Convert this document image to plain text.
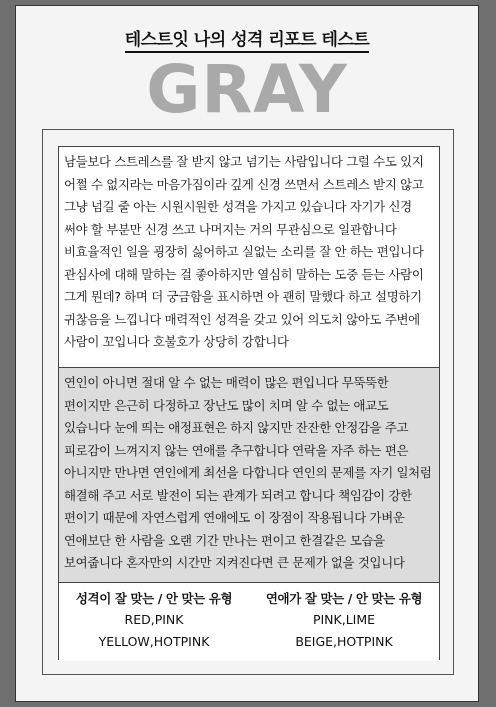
테스트잇 나의 성격 리포트 테스트
GRAY
남들보다 스트레스를 잘 받지 않고 넘기는 사람입니다 그럴 수도 있지 어쩔 수 없지라는 마음가짐이라 깊게 신경 쓰면서 스트레스 받지 않고 그냥 넘길 줄 아는 시원시원한 성격을 가지고 있습니다 자기가 신경 써야 할 부분만 신경 쓰고 나머지는 거의 무관심으로 일관합니다 비효율적인 일을 굉장히 싫어하고 실없는 소리를 잘 안 하는 편입니다 관심사에 대해 말하는 걸 좋아하지만 열심히 말하는 도중 듣는 사람이 그게 뭔데? 하며 더 궁금함을 표시하면 아 괜히 말했다 하고 설명하기 귀찮음을 느낍니다 매력적인 성격을 갖고 있어 의도치 않아도 주변에 사람이 꼬입니다 호불호가 상당히 강합니다
연인이 아니면 절대 알 수 없는 매력이 많은 편입니다 무뚝뚝한 편이지만 은근히 다정하고 장난도 많이 치며 알 수 없는 애교도 있습니다 눈에 띄는 애정표현은 하지 않지만 잔잔한 안정감을 주고 피로감이 느껴지지 않는 연애를 추구합니다 연락을 자주 하는 편은 아니지만 만나면 연인에게 최선을 다합니다 연인의 문제를 자기 일처럼 해결해 주고 서로 발전이 되는 관계가 되려고 합니다 책임감이 강한 편이기 때문에 자연스럽게 연애에도 이 장점이 작용됩니다 가벼운 연애보단 한 사람을 오랜 기간 만나는 편이고 한결같은 모습을 보여줍니다 혼자만의 시간만 지켜진다면 큰 문제가 없을 것입니다
성격이 잘 맞는 / 안 맞는 유형
RED,PINK
YELLOW,HOTPINK
연애가 잘 맞는 / 안 맞는 유형
PINK,LIME
BEIGE,HOTPINK
